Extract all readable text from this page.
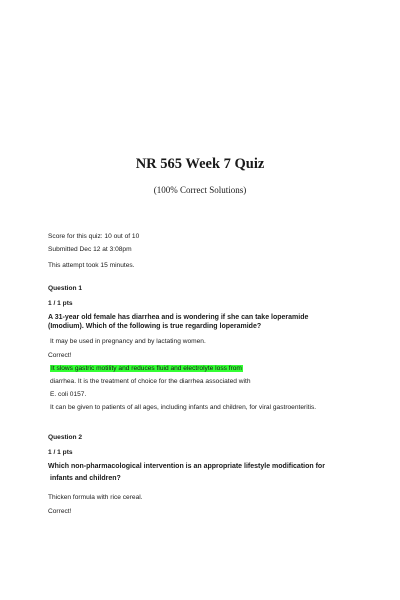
NR 565 Week 7 Quiz

(100% Correct Solutions)

Score for this quiz: 10 out of 10

Submitted Dec 12 at 3:08pm

This attempt took 15 minutes.

Question 1

1 / 1 pts

A 31-year old female has diarrhea and is wondering if she can take loperamide

(Imodium). Which of the following is true regarding loperamide?

It may be used in pregnancy and by lactating women.

Correct!

It slows gastric motility and reduces fluid and electrolyte loss from

diarrhea. It is the treatment of choice for the diarrhea associated with

E. coli 0157.

It can be given to patients of all ages, including infants and children, for viral gastroenteritis.

Question 2

1 / 1 pts

Which non-pharmacological intervention is an appropriate lifestyle modification for

infants and children?

Thicken formula with rice cereal.

Correct!
